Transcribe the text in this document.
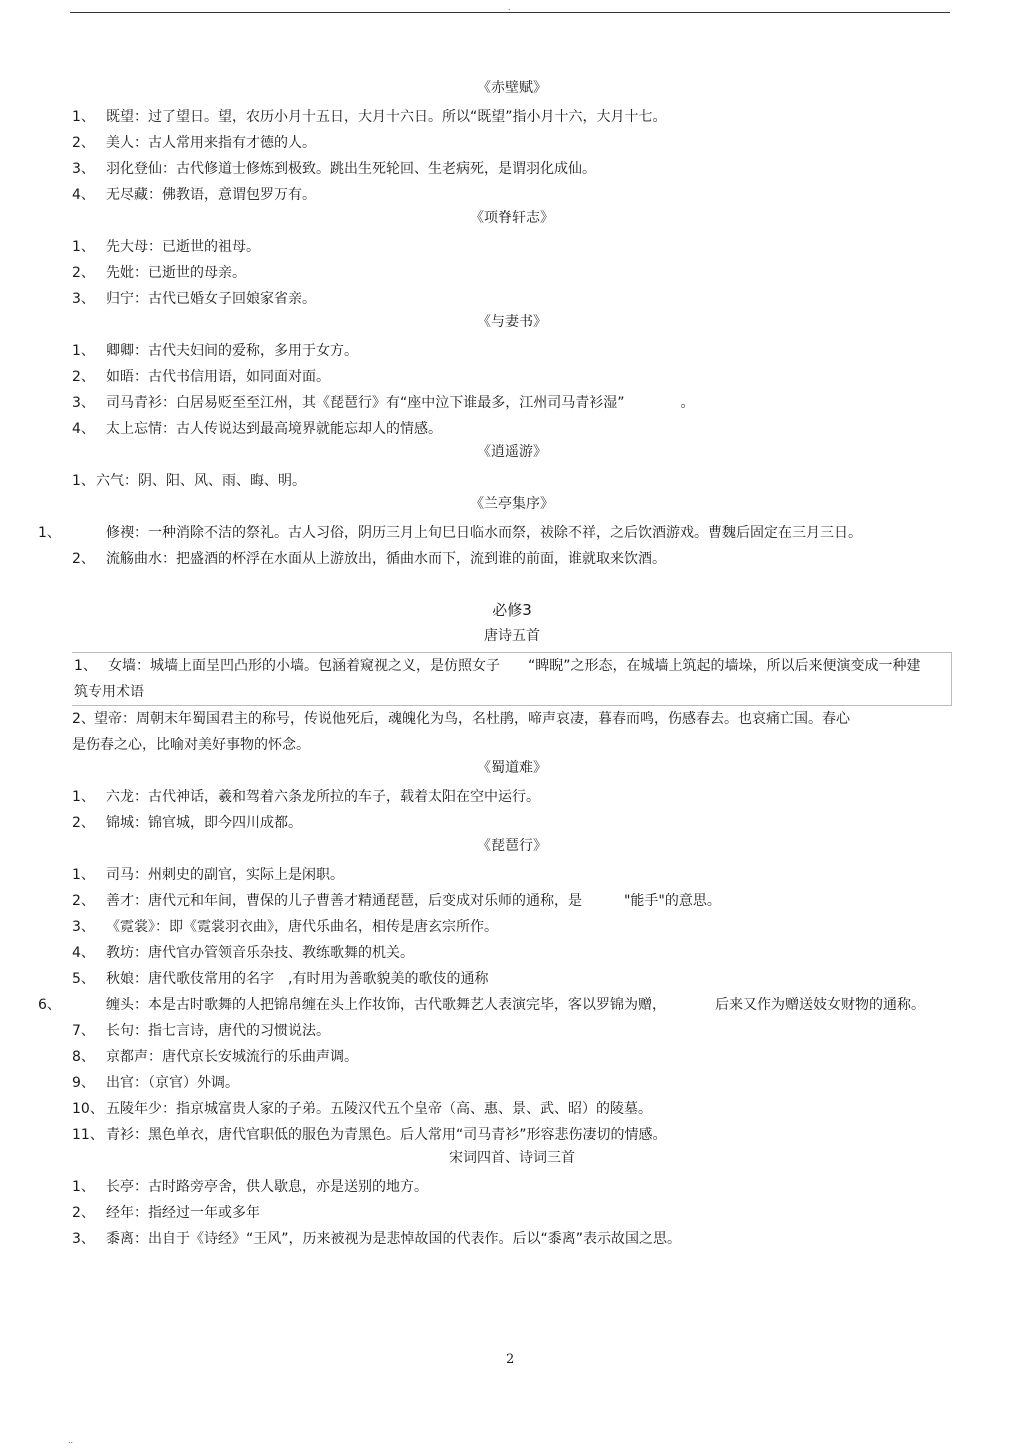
.
《赤壁赋》
1、 既望：过了望日。望，农历小月十五日，大月十六日。所以“既望”指小月十六，大月十七。
2、 美人：古人常用来指有才德的人。
3、 羽化登仙：古代修道士修炼到极致。跳出生死轮回、生老病死，是谓羽化成仙。
4、 无尽藏：佛教语，意谓包罗万有。
《项脊轩志》
1、 先大母：已逝世的祖母。
2、 先妣：已逝世的母亲。
3、 归宁：古代已婚女子回娘家省亲。
《与妻书》
1、 卿卿：古代夫妇间的爱称，多用于女方。
2、 如晤：古代书信用语，如同面对面。
3、 司马青衫：白居易贬至至江州，其《琵琶行》有“座中泣下谁最多，江州司马青衫湿”　　　　。
4、 太上忘情：古人传说达到最高境界就能忘却人的情感。
《逍遥游》
1、六气：阴、阳、风、雨、晦、明。
《兰亭集序》
1、	修禊：一种消除不洁的祭礼。古人习俗，阴历三月上旬巳日临水而祭，祓除不祥，之后饮酒游戏。曹魏后固定在三月三日。
2、 流觞曲水：把盛酒的杯浮在水面从上游放出，循曲水而下，流到谁的前面，谁就取来饮酒。
必修3
唐诗五首
1、 女墙：城墙上面呈凹凸形的小墙。包涵着窥视之义，是仿照女子　　“睥睨”之形态，在城墙上筑起的墙垛，所以后来便演变成一种建筑专用术语
2、望帝：周朝末年蜀国君主的称号，传说他死后，魂魄化为鸟，名杜鹃，啼声哀凄，暮春而鸣，伤感春去。也哀痛亡国。春心是伤春之心，比喻对美好事物的怀念。
《蜀道难》
1、 六龙：古代神话，羲和驾着六条龙所拉的车子，载着太阳在空中运行。
2、 锦城：锦官城，即今四川成都。
《琵琶行》
1、 司马：州刺史的副官，实际上是闲职。
2、 善才：唐代元和年间，曹保的儿子曹善才精通琵琶，后变成对乐师的通称，是　　　"能手"的意思。
3、 《霓裳》：即《霓裳羽衣曲》，唐代乐曲名，相传是唐玄宗所作。
4、 教坊：唐代官办管领音乐杂技、教练歌舞的机关。
5、 秋娘：唐代歌伎常用的名字　,有时用为善歌貌美的歌伎的通称
6、	缠头：本是古时歌舞的人把锦帛缠在头上作妆饰，古代歌舞艺人表演完毕，客以罗锦为赠，　　　　后来又作为赠送妓女财物的通称。
7、 长句：指七言诗，唐代的习惯说法。
8、 京都声：唐代京长安城流行的乐曲声调。
9、 出官：（京官）外调。
10、 五陵年少：指京城富贵人家的子弟。五陵汉代五个皇帝（高、惠、景、武、昭）的陵墓。
11、 青衫：黑色单衣，唐代官职低的服色为青黑色。后人常用“司马青衫”形容悲伤凄切的情感。
宋词四首、诗词三首
1、 长亭：古时路旁亭舍，供人歇息，亦是送别的地方。
2、 经年：指经过一年或多年
3、 黍离：出自于《诗经》“王风”，历来被视为是悲悼故国的代表作。后以“黍离”表示故国之思。
2
..
